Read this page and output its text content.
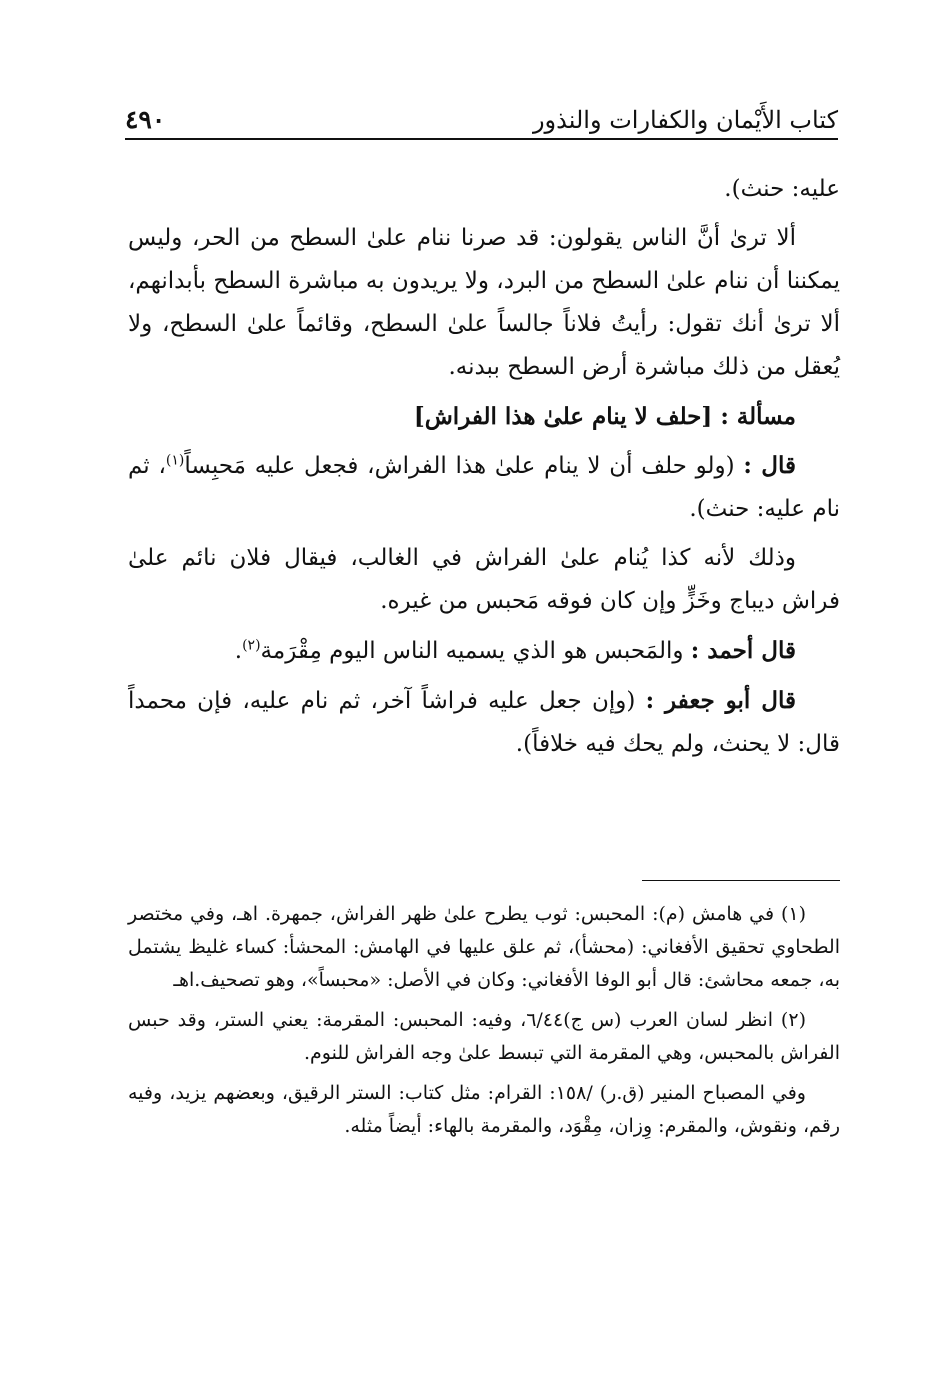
كتاب الأَيْمان والكفارات والنذور
٤٩٠

عليه: حنث).

ألا ترىٰ أنَّ الناس يقولون: قد صرنا ننام علىٰ السطح من الحر، وليس يمكننا أن ننام علىٰ السطح من البرد، ولا يريدون به مباشرة السطح بأبدانهم، ألا ترىٰ أنك تقول: رأيتُ فلاناً جالساً علىٰ السطح، وقائماً علىٰ السطح، ولا يُعقل من ذلك مباشرة أرض السطح ببدنه.

مسألة : [حلف لا ينام علىٰ هذا الفراش]

قال : (ولو حلف أن لا ينام علىٰ هذا الفراش، فجعل عليه مَحبِساً$^{(١)}$، ثم نام عليه: حنث).

وذلك لأنه كذا يُنام علىٰ الفراش في الغالب، فيقال فلان نائم علىٰ فراش ديباج وخَزٍّ وإن كان فوقه مَحبس من غيره.

قال أحمد : والمَحبس هو الذي يسميه الناس اليوم مِقْرَمة$^{(٢)}$.

قال أبو جعفر : (وإن جعل عليه فراشاً آخر، ثم نام عليه، فإن محمداً قال: لا يحنث، ولم يحك فيه خلافاً).

(١) في هامش (م): المحبس: ثوب يطرح علىٰ ظهر الفراش، جمهرة. اهـ، وفي مختصر الطحاوي تحقيق الأفغاني: (محشأ)، ثم علق عليها في الهامش: المحشأ: كساء غليظ يشتمل به، جمعه محاشئ: قال أبو الوفا الأفغاني: وكان في الأصل: «محبساً»، وهو تصحيف.اهـ

(٢) انظر لسان العرب (س ج)٦/٤٤، وفيه: المحبس: المقرمة: يعني الستر، وقد حبس الفراش بالمحبس، وهي المقرمة التي تبسط علىٰ وجه الفراش للنوم.

وفي المصباح المنير (ق.ر) /١٥٨: القرام: مثل كتاب: الستر الرقيق، وبعضهم يزيد، وفيه رقم، ونقوش، والمقرم: وِزان، مِقْوَد، والمقرمة بالهاء: أيضاً مثله.
